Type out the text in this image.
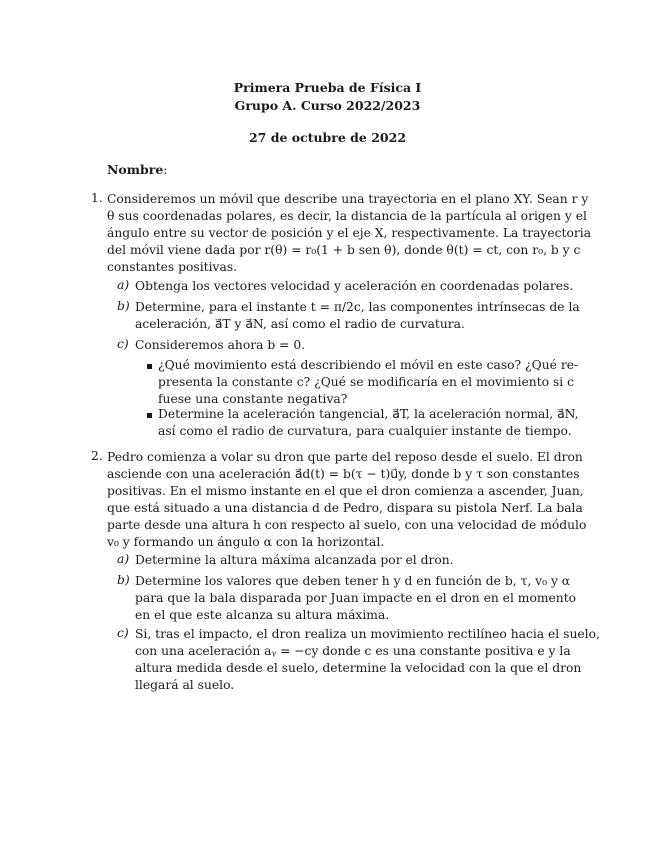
Primera Prueba de Física I
Grupo A. Curso 2022/2023
27 de octubre de 2022
Nombre:
1. Consideremos un móvil que describe una trayectoria en el plano XY. Sean r y
θ sus coordenadas polares, es decir, la distancia de la partícula al origen y el
ángulo entre su vector de posición y el eje X, respectivamente. La trayectoria
del móvil viene dada por r(θ) = r₀(1 + b sen θ), donde θ(t) = ct, con r₀, b y c
constantes positivas.
a) Obtenga los vectores velocidad y aceleración en coordenadas polares.
b) Determine, para el instante t = π/2c, las componentes intrínsecas de la
aceleración, a⃗T y a⃗N, así como el radio de curvatura.
c) Consideremos ahora b = 0.
¿Qué movimiento está describiendo el móvil en este caso? ¿Qué re-
presenta la constante c? ¿Qué se modificaría en el movimiento si c
fuese una constante negativa?
Determine la aceleración tangencial, a⃗T, la aceleración normal, a⃗N,
así como el radio de curvatura, para cualquier instante de tiempo.
2. Pedro comienza a volar su dron que parte del reposo desde el suelo. El dron
asciende con una aceleración a⃗d(t) = b(τ − t)u⃗y, donde b y τ son constantes
positivas. En el mismo instante en el que el dron comienza a ascender, Juan,
que está situado a una distancia d de Pedro, dispara su pistola Nerf. La bala
parte desde una altura h con respecto al suelo, con una velocidad de módulo
v₀ y formando un ángulo α con la horizontal.
a) Determine la altura máxima alcanzada por el dron.
b) Determine los valores que deben tener h y d en función de b, τ, v₀ y α
para que la bala disparada por Juan impacte en el dron en el momento
en el que este alcanza su altura máxima.
c) Si, tras el impacto, el dron realiza un movimiento rectilíneo hacia el suelo,
con una aceleración aᵧ = −cy donde c es una constante positiva e y la
altura medida desde el suelo, determine la velocidad con la que el dron
llegará al suelo.
